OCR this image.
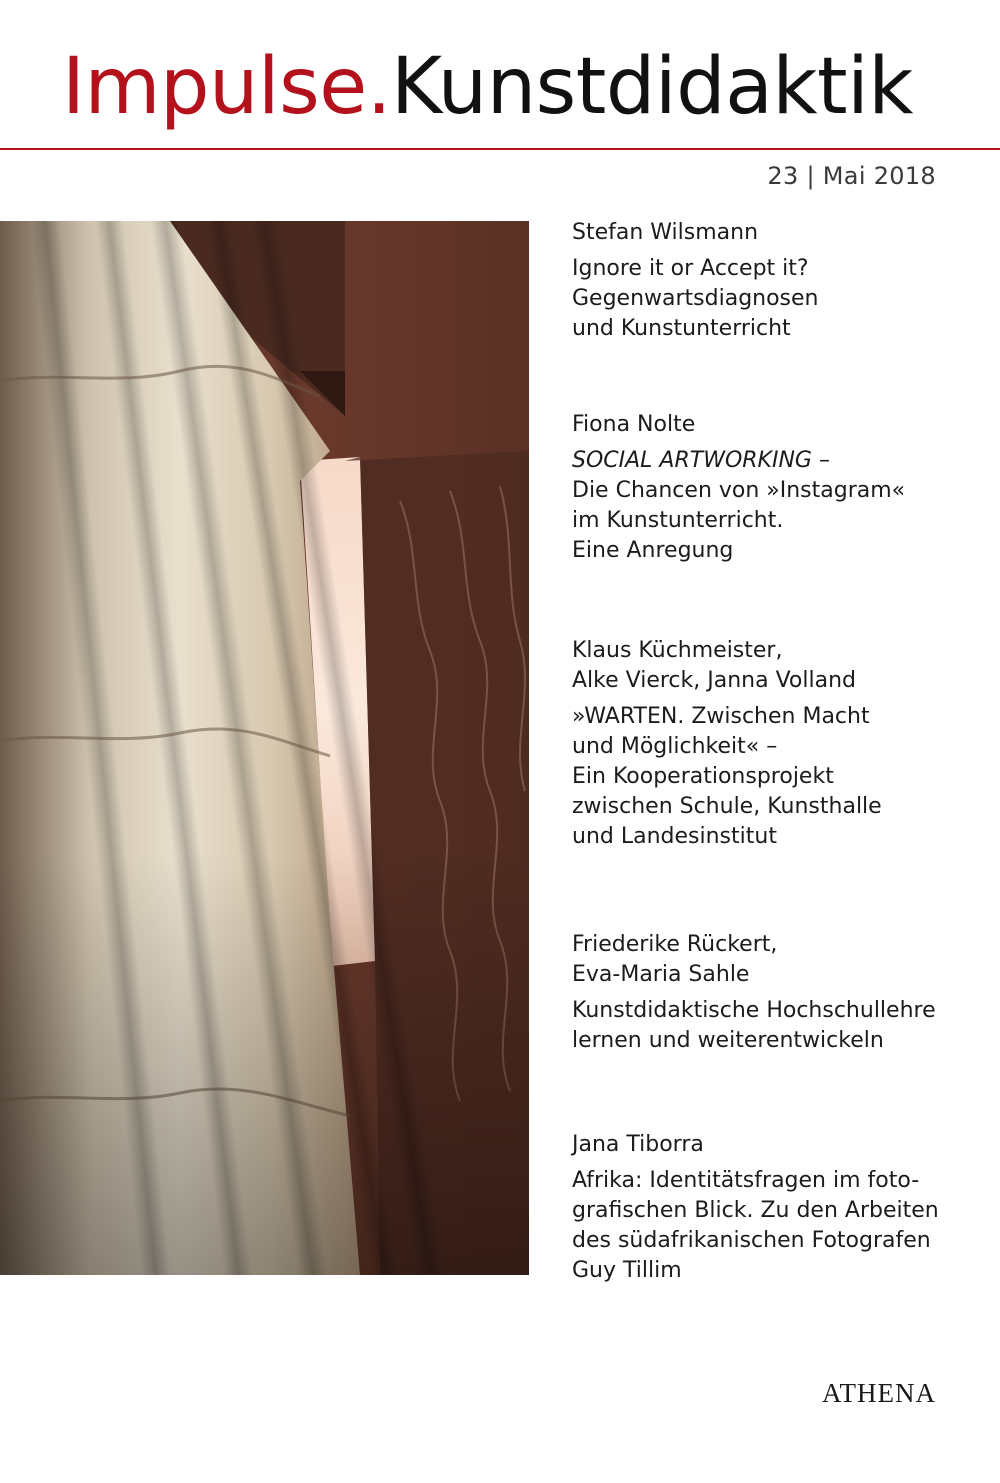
Impulse.Kunstdidaktik
23 | Mai 2018
Stefan Wilsmann
Ignore it or Accept it?
Gegenwartsdiagnosen
und Kunstunterricht
Fiona Nolte
SOCIAL ARTWORKING –
Die Chancen von »Instagram«
im Kunstunterricht.
Eine Anregung
Klaus Küchmeister,
Alke Vierck, Janna Volland
»WARTEN. Zwischen Macht
und Möglichkeit« –
Ein Kooperationsprojekt
zwischen Schule, Kunsthalle
und Landesinstitut
Friederike Rückert,
Eva-Maria Sahle
Kunstdidaktische Hochschullehre
lernen und weiterentwickeln
Jana Tiborra
Afrika: Identitätsfragen im foto-
grafischen Blick. Zu den Arbeiten
des südafrikanischen Fotografen
Guy Tillim
ATHENA
